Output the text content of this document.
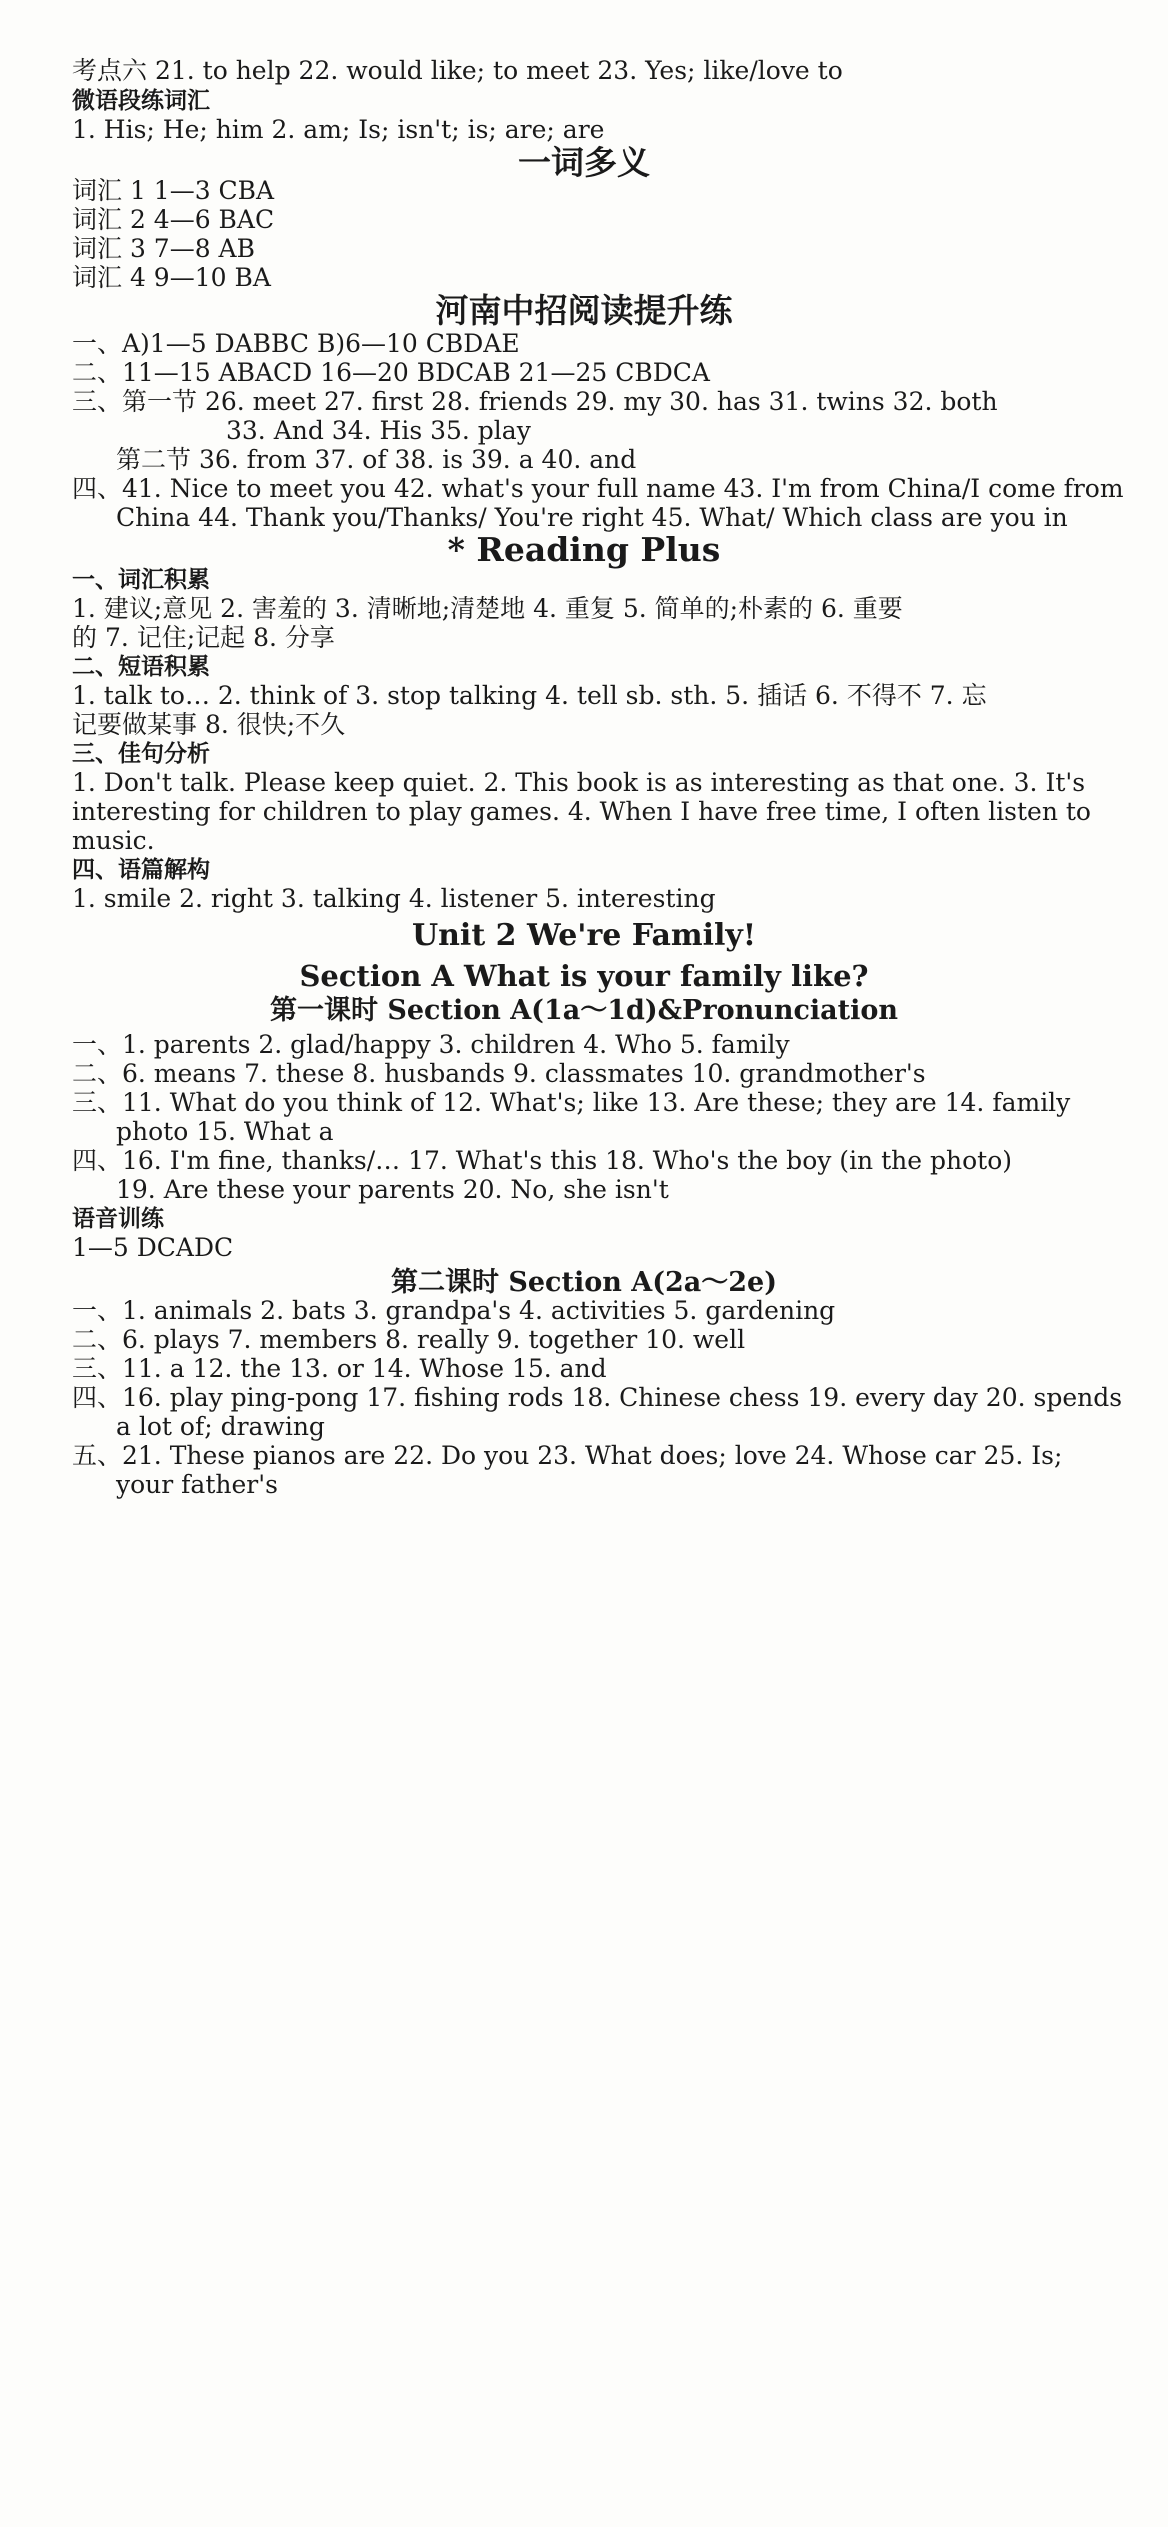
考点六 21. to help 22. would like; to meet 23. Yes; like/love to
微语段练词汇
1. His; He; him 2. am; Is; isn't; is; are; are
一词多义
词汇 1 1—3 CBA
词汇 2 4—6 BAC
词汇 3 7—8 AB
词汇 4 9—10 BA
河南中招阅读提升练
一、A)1—5 DABBC B)6—10 CBDAE
二、11—15 ABACD 16—20 BDCAB 21—25 CBDCA
三、第一节 26. meet 27. first 28. friends 29. my 30. has 31. twins 32. both
33. And 34. His 35. play
第二节 36. from 37. of 38. is 39. a 40. and
四、41. Nice to meet you 42. what's your full name 43. I'm from China/I come from
China 44. Thank you/Thanks/ You're right 45. What/ Which class are you in
* Reading Plus
一、词汇积累
1. 建议;意见 2. 害羞的 3. 清晰地;清楚地 4. 重复 5. 简单的;朴素的 6. 重要
的 7. 记住;记起 8. 分享
二、短语积累
1. talk to… 2. think of 3. stop talking 4. tell sb. sth. 5. 插话 6. 不得不 7. 忘
记要做某事 8. 很快;不久
三、佳句分析
1. Don't talk. Please keep quiet. 2. This book is as interesting as that one. 3. It's
interesting for children to play games. 4. When I have free time, I often listen to
music.
四、语篇解构
1. smile 2. right 3. talking 4. listener 5. interesting
Unit 2 We're Family!
Section A What is your family like?
第一课时 Section A(1a～1d)&Pronunciation
一、1. parents 2. glad/happy 3. children 4. Who 5. family
二、6. means 7. these 8. husbands 9. classmates 10. grandmother's
三、11. What do you think of 12. What's; like 13. Are these; they are 14. family
photo 15. What a
四、16. I'm fine, thanks/… 17. What's this 18. Who's the boy (in the photo)
19. Are these your parents 20. No, she isn't
语音训练
1—5 DCADC
第二课时 Section A(2a～2e)
一、1. animals 2. bats 3. grandpa's 4. activities 5. gardening
二、6. plays 7. members 8. really 9. together 10. well
三、11. a 12. the 13. or 14. Whose 15. and
四、16. play ping-pong 17. fishing rods 18. Chinese chess 19. every day 20. spends
a lot of; drawing
五、21. These pianos are 22. Do you 23. What does; love 24. Whose car 25. Is;
your father's
